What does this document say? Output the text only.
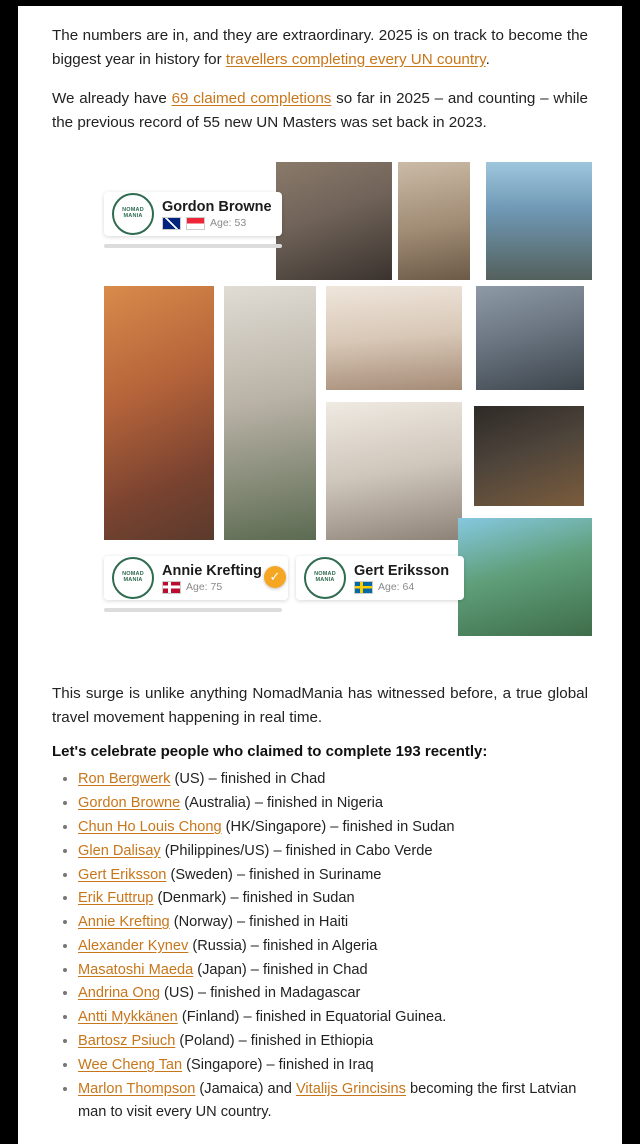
The numbers are in, and they are extraordinary. 2025 is on track to become the biggest year in history for travellers completing every UN country.

We already have 69 claimed completions so far in 2025 – and counting – while the previous record of 55 new UN Masters was set back in 2023.

NOMAD MANIA
Gordon Browne
Age: 53
NOMAD MANIA
Annie Krefting
Age: 75
✓	NOMAD MANIA
Gert Eriksson
Age: 64

This surge is unlike anything NomadMania has witnessed before, a true global travel movement happening in real time.

Let's celebrate people who claimed to complete 193 recently:

• Ron Bergwerk (US) – finished in Chad
• Gordon Browne (Australia) – finished in Nigeria
• Chun Ho Louis Chong (HK/Singapore) – finished in Sudan
• Glen Dalisay (Philippines/US) – finished in Cabo Verde
• Gert Eriksson (Sweden) – finished in Suriname
• Erik Futtrup (Denmark) – finished in Sudan
• Annie Krefting (Norway) – finished in Haiti
• Alexander Kynev (Russia) – finished in Algeria
• Masatoshi Maeda (Japan) – finished in Chad
• Andrina Ong (US) – finished in Madagascar
• Antti Mykkänen (Finland) – finished in Equatorial Guinea.
• Bartosz Psiuch (Poland) – finished in Ethiopia
• Wee Cheng Tan (Singapore) – finished in Iraq
• Marlon Thompson (Jamaica) and Vitalijs Grincisins becoming the first Latvian man to visit every UN country.
